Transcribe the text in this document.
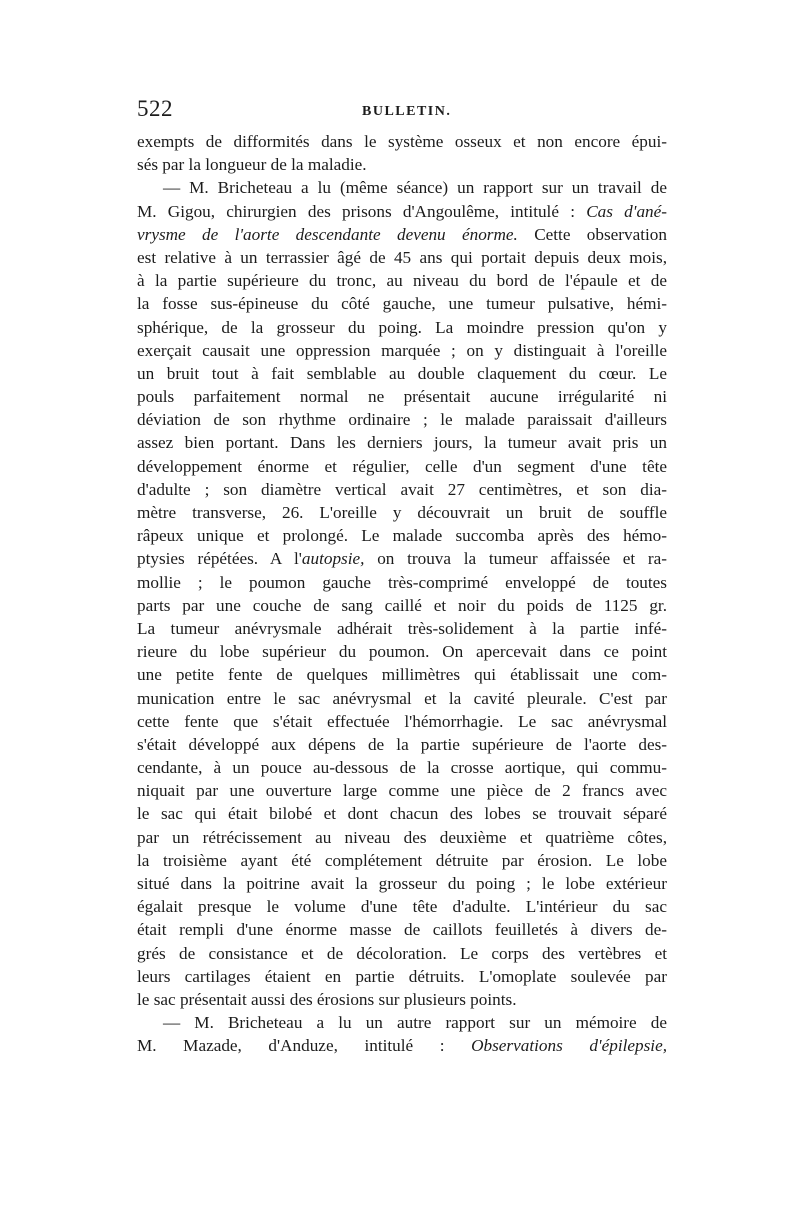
522	BULLETIN.
exempts de difformités dans le système osseux et non encore épui-
sés par la longueur de la maladie.
— M. Bricheteau a lu (même séance) un rapport sur un travail de
M. Gigou, chirurgien des prisons d'Angoulême, intitulé : Cas d'ané-
vrysme de l'aorte descendante devenu énorme. Cette observation
est relative à un terrassier âgé de 45 ans qui portait depuis deux mois,
à la partie supérieure du tronc, au niveau du bord de l'épaule et de
la fosse sus-épineuse du côté gauche, une tumeur pulsative, hémi-
sphérique, de la grosseur du poing. La moindre pression qu'on y
exerçait causait une oppression marquée ; on y distinguait à l'oreille
un bruit tout à fait semblable au double claquement du cœur. Le
pouls parfaitement normal ne présentait aucune irrégularité ni
déviation de son rhythme ordinaire ; le malade paraissait d'ailleurs
assez bien portant. Dans les derniers jours, la tumeur avait pris un
développement énorme et régulier, celle d'un segment d'une tête
d'adulte ; son diamètre vertical avait 27 centimètres, et son dia-
mètre transverse, 26. L'oreille y découvrait un bruit de souffle
râpeux unique et prolongé. Le malade succomba après des hémo-
ptysies répétées. A l'autopsie, on trouva la tumeur affaissée et ra-
mollie ; le poumon gauche très-comprimé enveloppé de toutes
parts par une couche de sang caillé et noir du poids de 1125 gr.
La tumeur anévrysmale adhérait très-solidement à la partie infé-
rieure du lobe supérieur du poumon. On apercevait dans ce point
une petite fente de quelques millimètres qui établissait une com-
munication entre le sac anévrysmal et la cavité pleurale. C'est par
cette fente que s'était effectuée l'hémorrhagie. Le sac anévrysmal
s'était développé aux dépens de la partie supérieure de l'aorte des-
cendante, à un pouce au-dessous de la crosse aortique, qui commu-
niquait par une ouverture large comme une pièce de 2 francs avec
le sac qui était bilobé et dont chacun des lobes se trouvait séparé
par un rétrécissement au niveau des deuxième et quatrième côtes,
la troisième ayant été complétement détruite par érosion. Le lobe
situé dans la poitrine avait la grosseur du poing ; le lobe extérieur
égalait presque le volume d'une tête d'adulte. L'intérieur du sac
était rempli d'une énorme masse de caillots feuilletés à divers de-
grés de consistance et de décoloration. Le corps des vertèbres et
leurs cartilages étaient en partie détruits. L'omoplate soulevée par
le sac présentait aussi des érosions sur plusieurs points.
— M. Bricheteau a lu un autre rapport sur un mémoire de
M. Mazade, d'Anduze, intitulé : Observations d'épilepsie,
